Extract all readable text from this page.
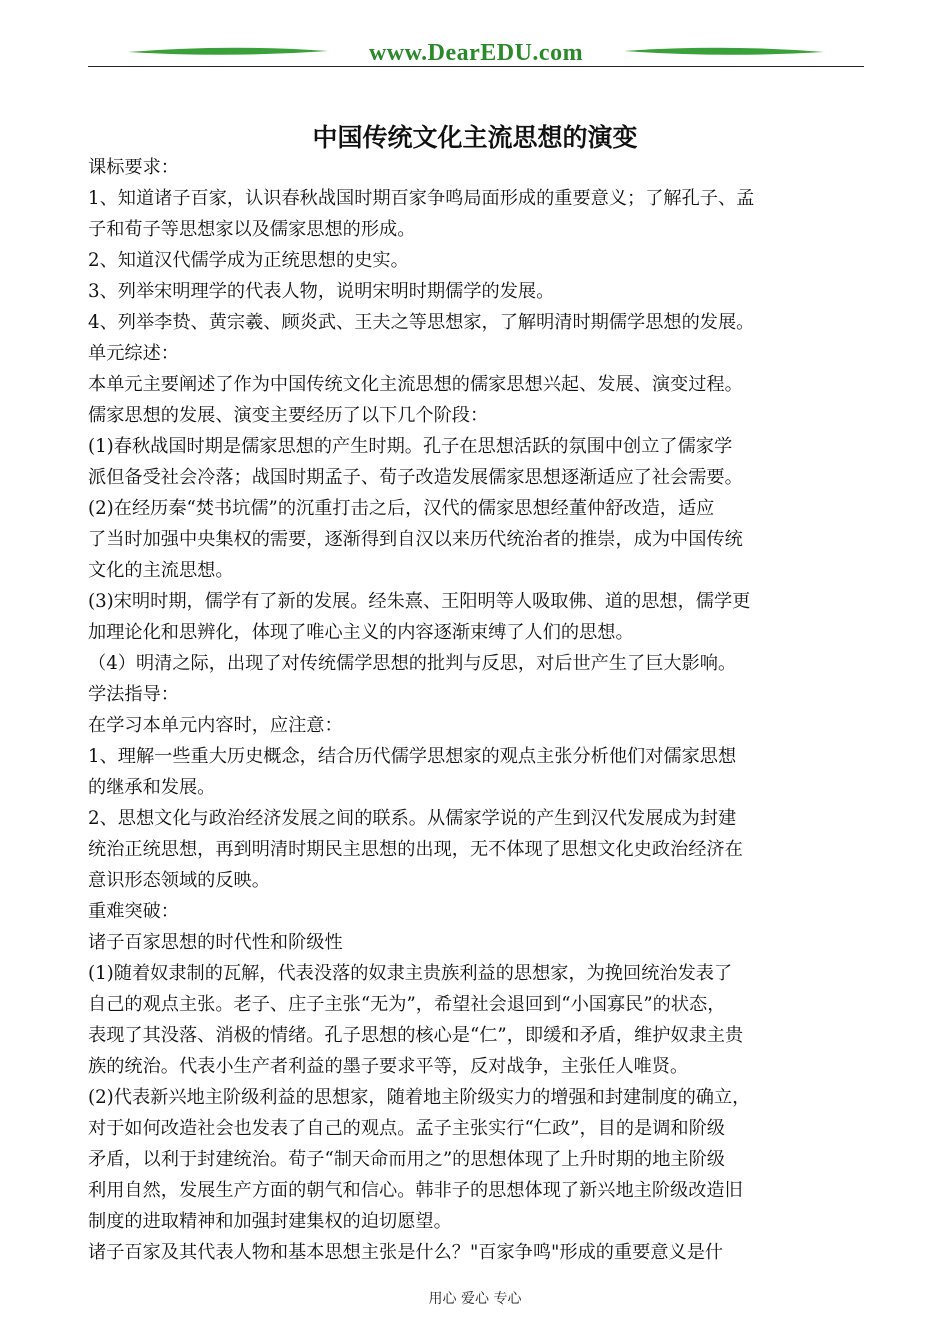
www.DearEDU.com
中国传统文化主流思想的演变
课标要求：
1、知道诸子百家，认识春秋战国时期百家争鸣局面形成的重要意义；了解孔子、孟
子和荀子等思想家以及儒家思想的形成。
2、知道汉代儒学成为正统思想的史实。
3、列举宋明理学的代表人物，说明宋明时期儒学的发展。
4、列举李贽、黄宗羲、顾炎武、王夫之等思想家，了解明清时期儒学思想的发展。
单元综述：
本单元主要阐述了作为中国传统文化主流思想的儒家思想兴起、发展、演变过程。
儒家思想的发展、演变主要经历了以下几个阶段：
(1)春秋战国时期是儒家思想的产生时期。孔子在思想活跃的氛围中创立了儒家学
派但备受社会冷落；战国时期孟子、荀子改造发展儒家思想逐渐适应了社会需要。
(2)在经历秦“焚书坑儒”的沉重打击之后，汉代的儒家思想经董仲舒改造，适应
了当时加强中央集权的需要，逐渐得到自汉以来历代统治者的推崇，成为中国传统
文化的主流思想。
(3)宋明时期，儒学有了新的发展。经朱熹、王阳明等人吸取佛、道的思想，儒学更
加理论化和思辨化，体现了唯心主义的内容逐渐束缚了人们的思想。
（4）明清之际，出现了对传统儒学思想的批判与反思，对后世产生了巨大影响。
学法指导：
在学习本单元内容时，应注意：
1、理解一些重大历史概念，结合历代儒学思想家的观点主张分析他们对儒家思想
的继承和发展。
2、思想文化与政治经济发展之间的联系。从儒家学说的产生到汉代发展成为封建
统治正统思想，再到明清时期民主思想的出现，无不体现了思想文化史政治经济在
意识形态领域的反映。
重难突破：
诸子百家思想的时代性和阶级性
(1)随着奴隶制的瓦解，代表没落的奴隶主贵族利益的思想家，为挽回统治发表了
自己的观点主张。老子、庄子主张“无为”，希望社会退回到“小国寡民”的状态，
表现了其没落、消极的情绪。孔子思想的核心是“仁”，即缓和矛盾，维护奴隶主贵
族的统治。代表小生产者利益的墨子要求平等，反对战争，主张任人唯贤。
(2)代表新兴地主阶级利益的思想家，随着地主阶级实力的增强和封建制度的确立，
对于如何改造社会也发表了自己的观点。孟子主张实行“仁政”，目的是调和阶级
矛盾，以利于封建统治。荀子“制天命而用之”的思想体现了上升时期的地主阶级
利用自然，发展生产方面的朝气和信心。韩非子的思想体现了新兴地主阶级改造旧
制度的进取精神和加强封建集权的迫切愿望。
诸子百家及其代表人物和基本思想主张是什么？"百家争鸣"形成的重要意义是什
用心 爱心 专心
